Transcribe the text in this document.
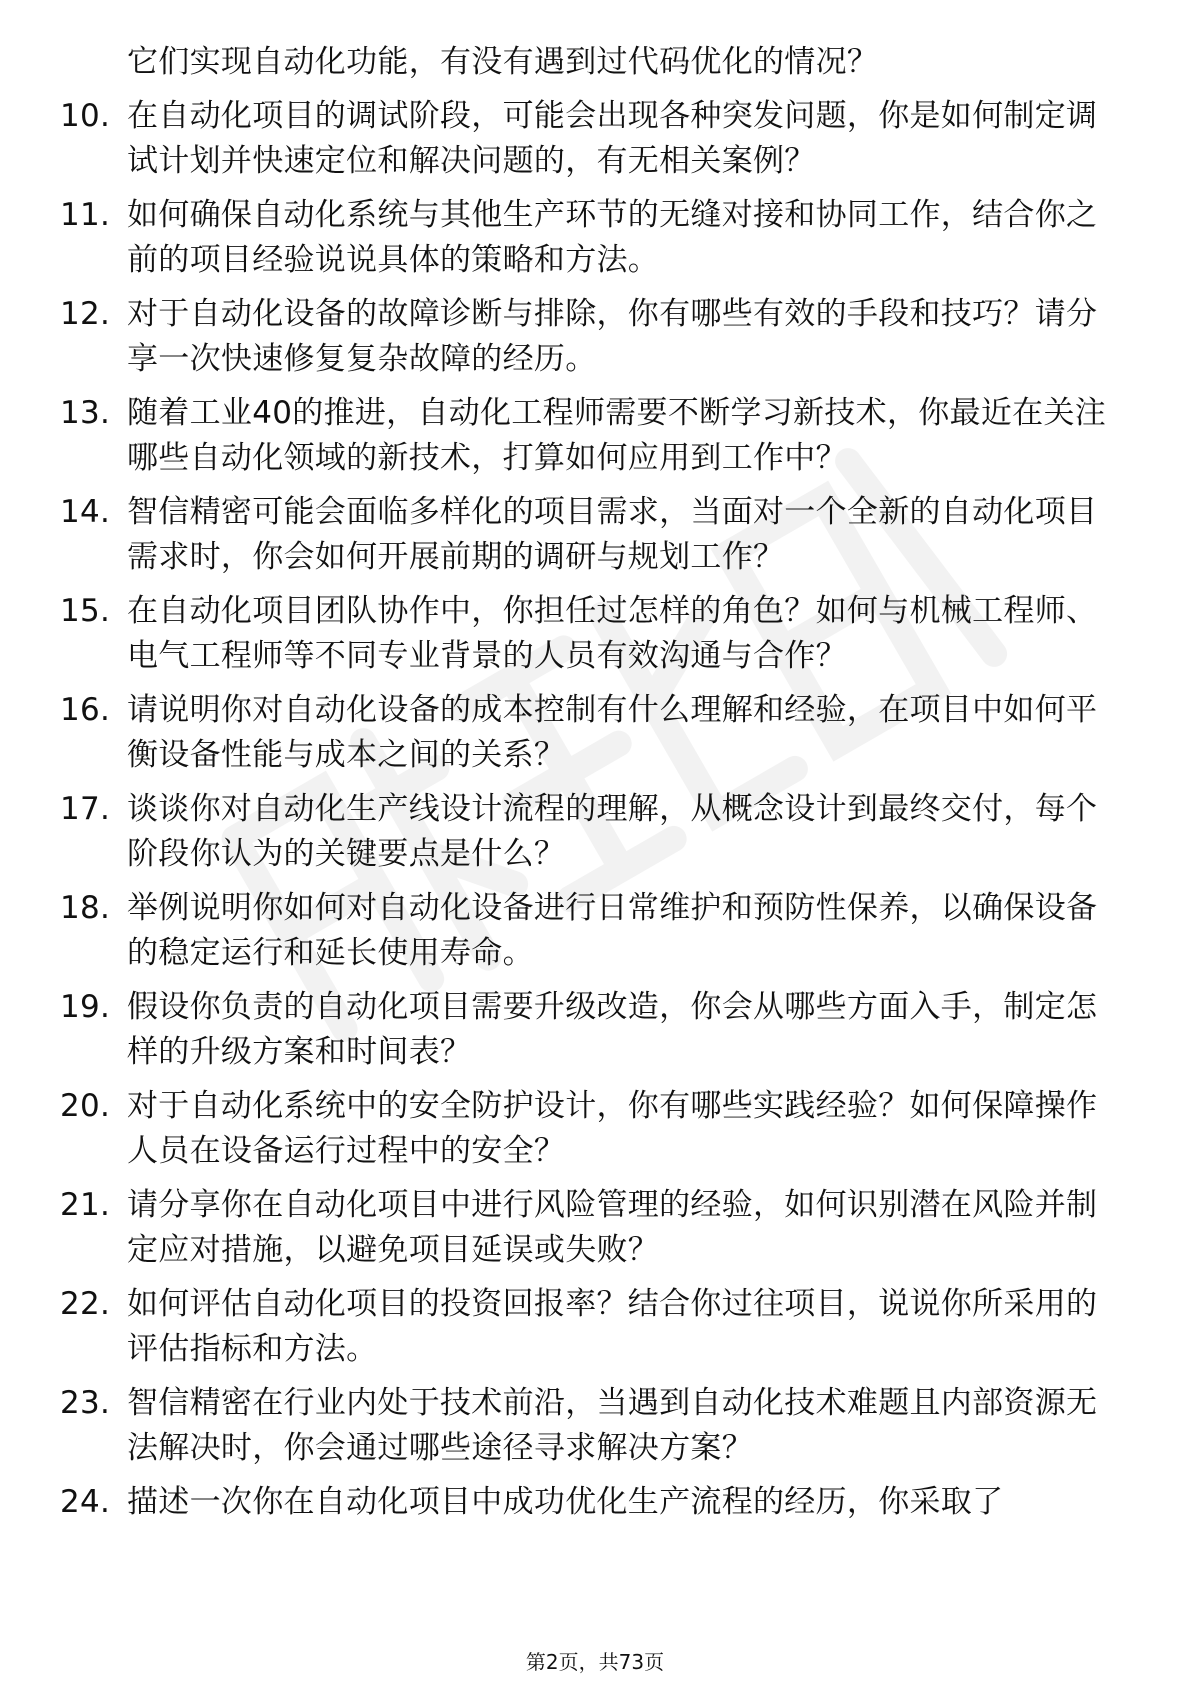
它们实现自动化功能，有没有遇到过代码优化的情况？
10. 在自动化项目的调试阶段，可能会出现各种突发问题，你是如何制定调试计划并快速定位和解决问题的，有无相关案例？
11. 如何确保自动化系统与其他生产环节的无缝对接和协同工作，结合你之前的项目经验说说具体的策略和方法。
12. 对于自动化设备的故障诊断与排除，你有哪些有效的手段和技巧？请分享一次快速修复复杂故障的经历。
13. 随着工业40的推进，自动化工程师需要不断学习新技术，你最近在关注哪些自动化领域的新技术，打算如何应用到工作中？
14. 智信精密可能会面临多样化的项目需求，当面对一个全新的自动化项目需求时，你会如何开展前期的调研与规划工作？
15. 在自动化项目团队协作中，你担任过怎样的角色？如何与机械工程师、电气工程师等不同专业背景的人员有效沟通与合作？
16. 请说明你对自动化设备的成本控制有什么理解和经验，在项目中如何平衡设备性能与成本之间的关系？
17. 谈谈你对自动化生产线设计流程的理解，从概念设计到最终交付，每个阶段你认为的关键要点是什么？
18. 举例说明你如何对自动化设备进行日常维护和预防性保养，以确保设备的稳定运行和延长使用寿命。
19. 假设你负责的自动化项目需要升级改造，你会从哪些方面入手，制定怎样的升级方案和时间表？
20. 对于自动化系统中的安全防护设计，你有哪些实践经验？如何保障操作人员在设备运行过程中的安全？
21. 请分享你在自动化项目中进行风险管理的经验，如何识别潜在风险并制定应对措施，以避免项目延误或失败？
22. 如何评估自动化项目的投资回报率？结合你过往项目，说说你所采用的评估指标和方法。
23. 智信精密在行业内处于技术前沿，当遇到自动化技术难题且内部资源无法解决时，你会通过哪些途径寻求解决方案？
24. 描述一次你在自动化项目中成功优化生产流程的经历，你采取了
第2页，共73页
